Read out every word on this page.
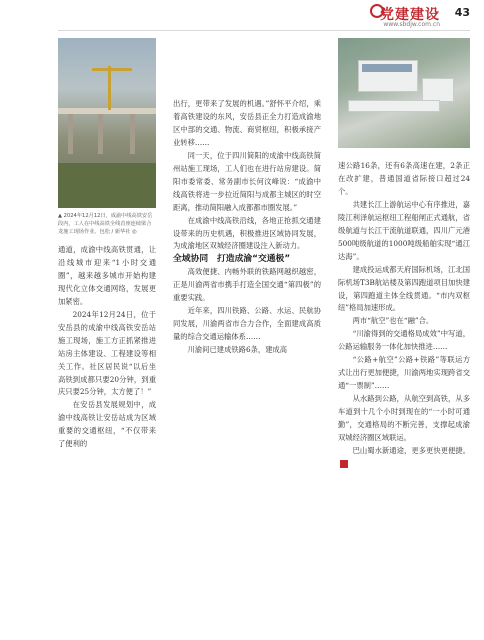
党建建设
www.sbdjw.com.cn
43
▲ 2024年12月12日，成渝中线高铁安岳段内，工人在中线高铁全线首座连续梁合龙施工现场作业。包松 / 新华社 ◎

通道，成渝中线高铁贯通，让沿线城市迎来“1小时交通圈”，越来越多城市开始构建现代化立体交通网络，发展更加紧密。

2024年12月24日，位于安岳县的成渝中线高铁安岳站施工现场，施工方正抓紧推进站房主体建设、工程建设等相关工作。社区居民说“以后坐高铁到成都只要20分钟，到重庆只要25分钟，太方便了！”

在安岳县发展规划中，成渝中线高铁让安岳站成为区域重要的交通枢纽，“不仅带来了便利的

出行，更带来了发展的机遇。”舒怀平介绍，乘着高铁建设的东风，安岳县正全力打造成渝地区中部的交通、物流、商贸枢纽，积极承接产业转移……

同一天，位于四川简阳的成渝中线高铁简州站施工现场，工人们也在进行站房建设。简阳市委常委、常务副市长何汶峰说：“成渝中线高铁将进一步拉近简阳与成都主城区的时空距离，推动简阳融入成都都市圈发展。”

在成渝中线高铁沿线，各地正抢抓交通建设带来的历史机遇，积极推进区域协同发展，为成渝地区双城经济圈建设注入新动力。

全域协同　打造成渝“交通极”

高效便捷、内畅外联的铁路网越织越密，正是川渝两省市携手打造全国交通“第四极”的重要实践。

近年来，四川铁路、公路、水运、民航协同发展，川渝两省市合力合作，全面建成高质量的综合交通运输体系……

川渝间已建成铁路6条，建成高

速公路16条，还有6条高速在建，2条正在改扩建，普通国道省际接口超过24个。

共建长江上游航运中心有序推进，嘉陵江利泽航运枢纽工程船闸正式通航，省级航道与长江干流航道联通，四川广元港500吨级航道的1000吨级船舶实现“通江达海”。

建成投运成都天府国际机场，江北国际机场T3B航站楼及第四跑道项目加快建设，第四跑道主体全线贯通。“市内双枢纽”格局加速形成。

两市“航空”也在“融”合。

“川渝得到的交通格局成效”中写道，公路运输服务一体化加快推进……

“公路+航空”公路+铁路”等联运方式让出行更加便捷，川渝两地实现跨省交通“一票制”……

从水路到公路，从航空到高铁，从多车道到十几个小时到现在的“一小时可通勤”，交通格局的不断完善，支撑起成渝双城经济圈区域联运。

巴山蜀水新通途，更多更快更便捷。■
